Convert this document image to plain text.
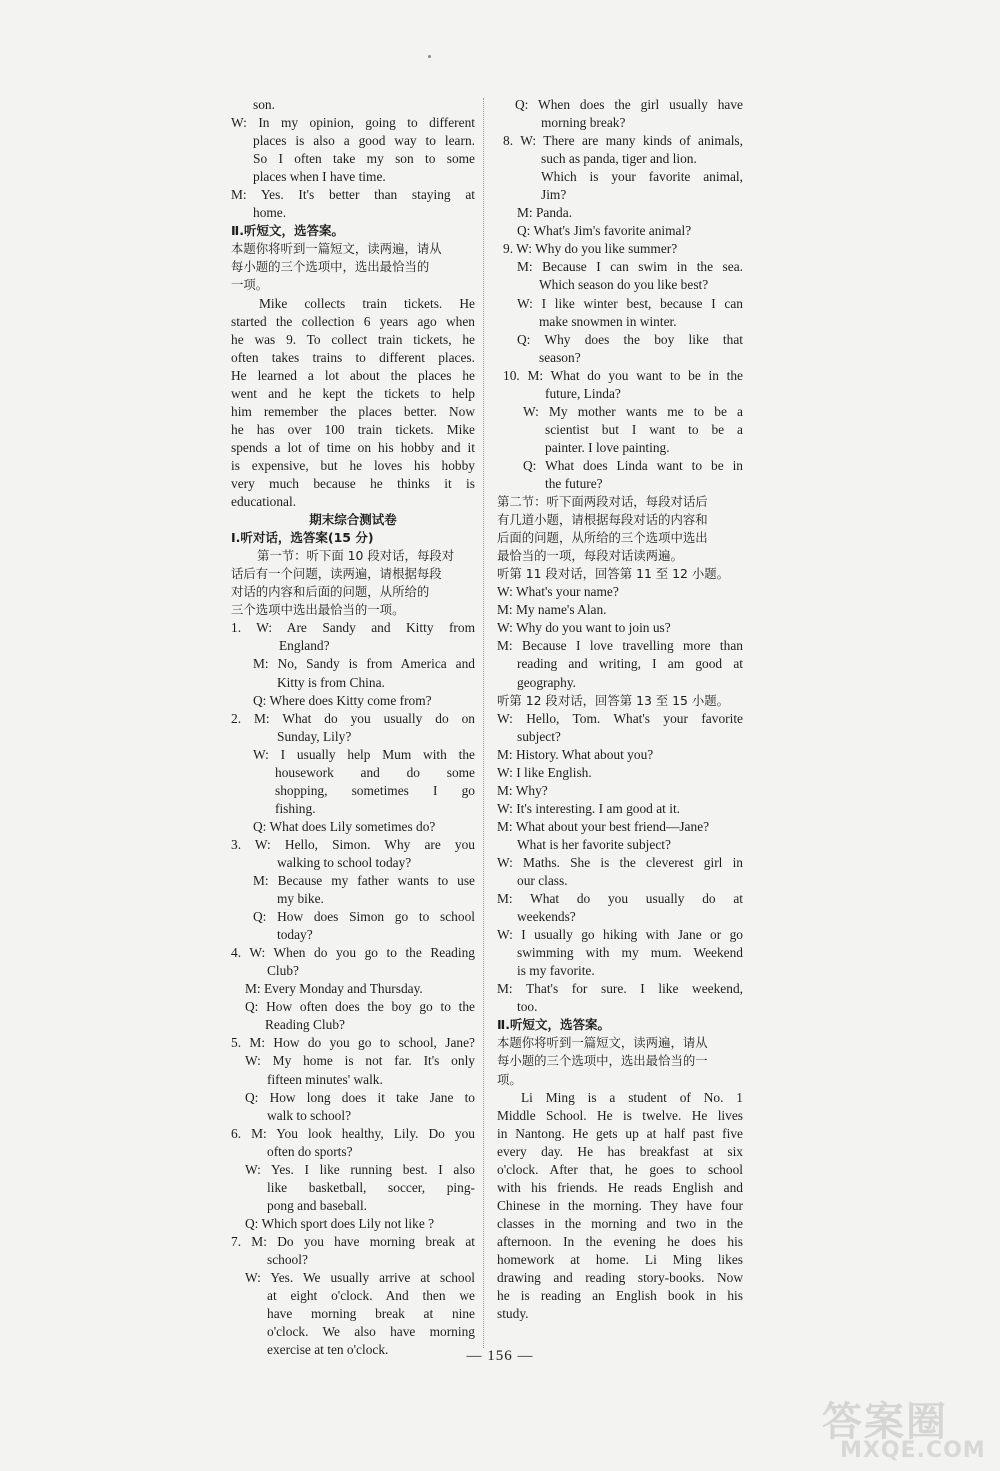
son.
W: In my opinion, going to different
places is also a good way to learn.
So I often take my son to some
places when I have time.
M: Yes. It's better than staying at
home.
Ⅱ.听短文，选答案。
本题你将听到一篇短文，读两遍，请从
每小题的三个选项中，选出最恰当的
一项。
Mike collects train tickets. He
started the collection 6 years ago when
he was 9. To collect train tickets, he
often takes trains to different places.
He learned a lot about the places he
went and he kept the tickets to help
him remember the places better. Now
he has over 100 train tickets. Mike
spends a lot of time on his hobby and it
is expensive, but he loves his hobby
very much because he thinks it is
educational.
期末综合测试卷
Ⅰ.听对话，选答案(15 分)
第一节：听下面 10 段对话，每段对
话后有一个问题，读两遍，请根据每段
对话的内容和后面的问题，从所给的
三个选项中选出最恰当的一项。
1. W: Are Sandy and Kitty from
England?
M: No, Sandy is from America and
Kitty is from China.
Q: Where does Kitty come from?
2. M: What do you usually do on
Sunday, Lily?
W: I usually help Mum with the
housework and do some
shopping, sometimes I go
fishing.
Q: What does Lily sometimes do?
3. W: Hello, Simon. Why are you
walking to school today?
M: Because my father wants to use
my bike.
Q: How does Simon go to school
today?
4. W: When do you go to the Reading
Club?
M: Every Monday and Thursday.
Q: How often does the boy go to the
Reading Club?
5. M: How do you go to school, Jane?
W: My home is not far. It's only
fifteen minutes' walk.
Q: How long does it take Jane to
walk to school?
6. M: You look healthy, Lily. Do you
often do sports?
W: Yes. I like running best. I also
like basketball, soccer, ping-
pong and baseball.
Q: Which sport does Lily not like ?
7. M: Do you have morning break at
school?
W: Yes. We usually arrive at school
at eight o'clock. And then we
have morning break at nine
o'clock. We also have morning
exercise at ten o'clock.
Q: When does the girl usually have
morning break?
8. W: There are many kinds of animals,
such as panda, tiger and lion.
Which is your favorite animal,
Jim?
M: Panda.
Q: What's Jim's favorite animal?
9. W: Why do you like summer?
M: Because I can swim in the sea.
Which season do you like best?
W: I like winter best, because I can
make snowmen in winter.
Q: Why does the boy like that
season?
10. M: What do you want to be in the
future, Linda?
W: My mother wants me to be a
scientist but I want to be a
painter. I love painting.
Q: What does Linda want to be in
the future?
第二节：听下面两段对话，每段对话后
有几道小题，请根据每段对话的内容和
后面的问题，从所给的三个选项中选出
最恰当的一项，每段对话读两遍。
听第 11 段对话，回答第 11 至 12 小题。
W: What's your name?
M: My name's Alan.
W: Why do you want to join us?
M: Because I love travelling more than
reading and writing, I am good at
geography.
听第 12 段对话，回答第 13 至 15 小题。
W: Hello, Tom. What's your favorite
subject?
M: History. What about you?
W: I like English.
M: Why?
W: It's interesting. I am good at it.
M: What about your best friend—Jane?
What is her favorite subject?
W: Maths. She is the cleverest girl in
our class.
M: What do you usually do at
weekends?
W: I usually go hiking with Jane or go
swimming with my mum. Weekend
is my favorite.
M: That's for sure. I like weekend,
too.
Ⅱ.听短文，选答案。
本题你将听到一篇短文，读两遍，请从
每小题的三个选项中，选出最恰当的一
项。
Li Ming is a student of No. 1
Middle School. He is twelve. He lives
in Nantong. He gets up at half past five
every day. He has breakfast at six
o'clock. After that, he goes to school
with his friends. He reads English and
Chinese in the morning. They have four
classes in the morning and two in the
afternoon. In the evening he does his
homework at home. Li Ming likes
drawing and reading story-books. Now
he is reading an English book in his
study.
— 156 —
答案圈
MXQE.COM
